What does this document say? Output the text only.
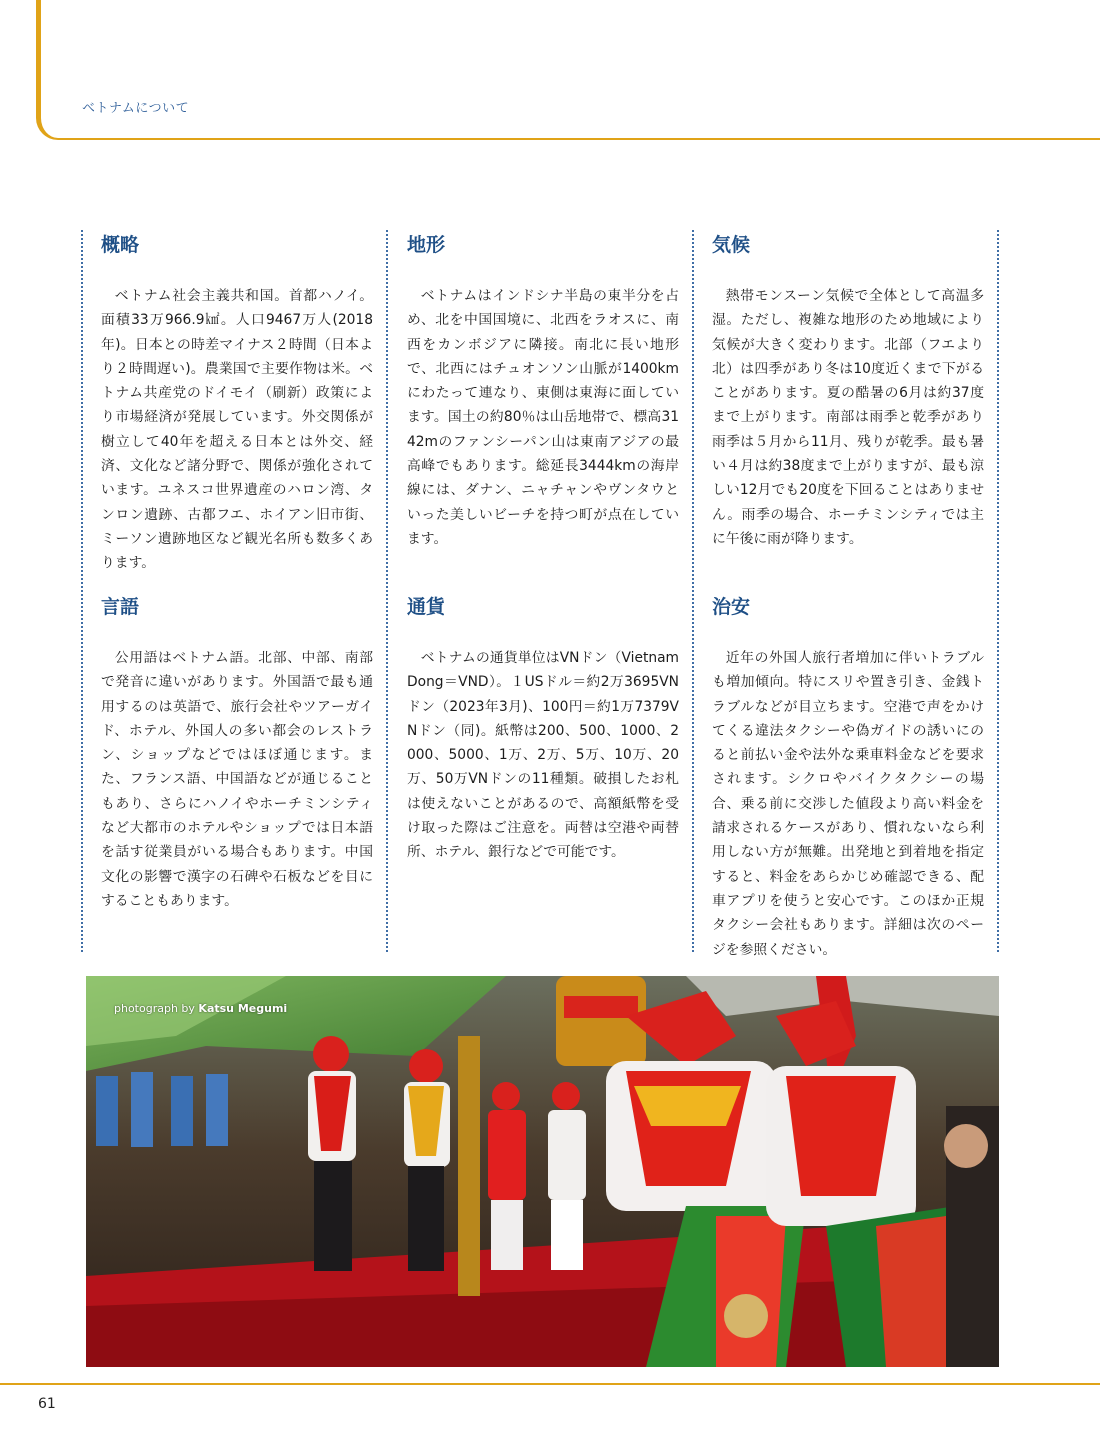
ベトナムについて
概略

ベトナム社会主義共和国。首都ハノイ。面積33万966.9㎢。人口9467万人(2018年)。日本との時差マイナス２時間（日本より２時間遅い)。農業国で主要作物は米。ベトナム共産党のドイモイ（刷新）政策により市場経済が発展しています。外交関係が樹立して40年を超える日本とは外交、経済、文化など諸分野で、関係が強化されています。ユネスコ世界遺産のハロン湾、タンロン遺跡、古都フエ、ホイアン旧市街、ミーソン遺跡地区など観光名所も数多くあります。

地形

ベトナムはインドシナ半島の東半分を占め、北を中国国境に、北西をラオスに、南西をカンボジアに隣接。南北に長い地形で、北西にはチュオンソン山脈が1400kmにわたって連なり、東側は東海に面しています。国土の約80％は山岳地帯で、標高3142mのファンシーパン山は東南アジアの最高峰でもあります。総延長3444kmの海岸線には、ダナン、ニャチャンやヴンタウといった美しいビーチを持つ町が点在しています。

気候

熱帯モンスーン気候で全体として高温多湿。ただし、複雑な地形のため地域により気候が大きく変わります。北部（フエより北）は四季があり冬は10度近くまで下がることがあります。夏の酷暑の6月は約37度まで上がります。南部は雨季と乾季があり雨季は５月から11月、残りが乾季。最も暑い４月は約38度まで上がりますが、最も涼しい12月でも20度を下回ることはありません。雨季の場合、ホーチミンシティでは主に午後に雨が降ります。

言語

公用語はベトナム語。北部、中部、南部で発音に違いがあります。外国語で最も通用するのは英語で、旅行会社やツアーガイド、ホテル、外国人の多い都会のレストラン、ショップなどではほぼ通じます。また、フランス語、中国語などが通じることもあり、さらにハノイやホーチミンシティなど大都市のホテルやショップでは日本語を話す従業員がいる場合もあります。中国文化の影響で漢字の石碑や石板などを目にすることもあります。

通貨

ベトナムの通貨単位はVNドン（Vietnam Dong＝VND）。１USドル＝約2万3695VNドン（2023年3月)、100円＝約1万7379VNドン（同)。紙幣は200、500、1000、2000、5000、1万、2万、5万、10万、20万、50万VNドンの11種類。破損したお札は使えないことがあるので、高額紙幣を受け取った際はご注意を。両替は空港や両替所、ホテル、銀行などで可能です。

治安

近年の外国人旅行者増加に伴いトラブルも増加傾向。特にスリや置き引き、金銭トラブルなどが目立ちます。空港で声をかけてくる違法タクシーや偽ガイドの誘いにのると前払い金や法外な乗車料金などを要求されます。シクロやバイクタクシーの場合、乗る前に交渉した値段より高い料金を請求されるケースがあり、慣れないなら利用しない方が無難。出発地と到着地を指定すると、料金をあらかじめ確認できる、配車アプリを使うと安心です。このほか正規タクシー会社もあります。詳細は次のページを参照ください。

photograph by Katsu Megumi
61
